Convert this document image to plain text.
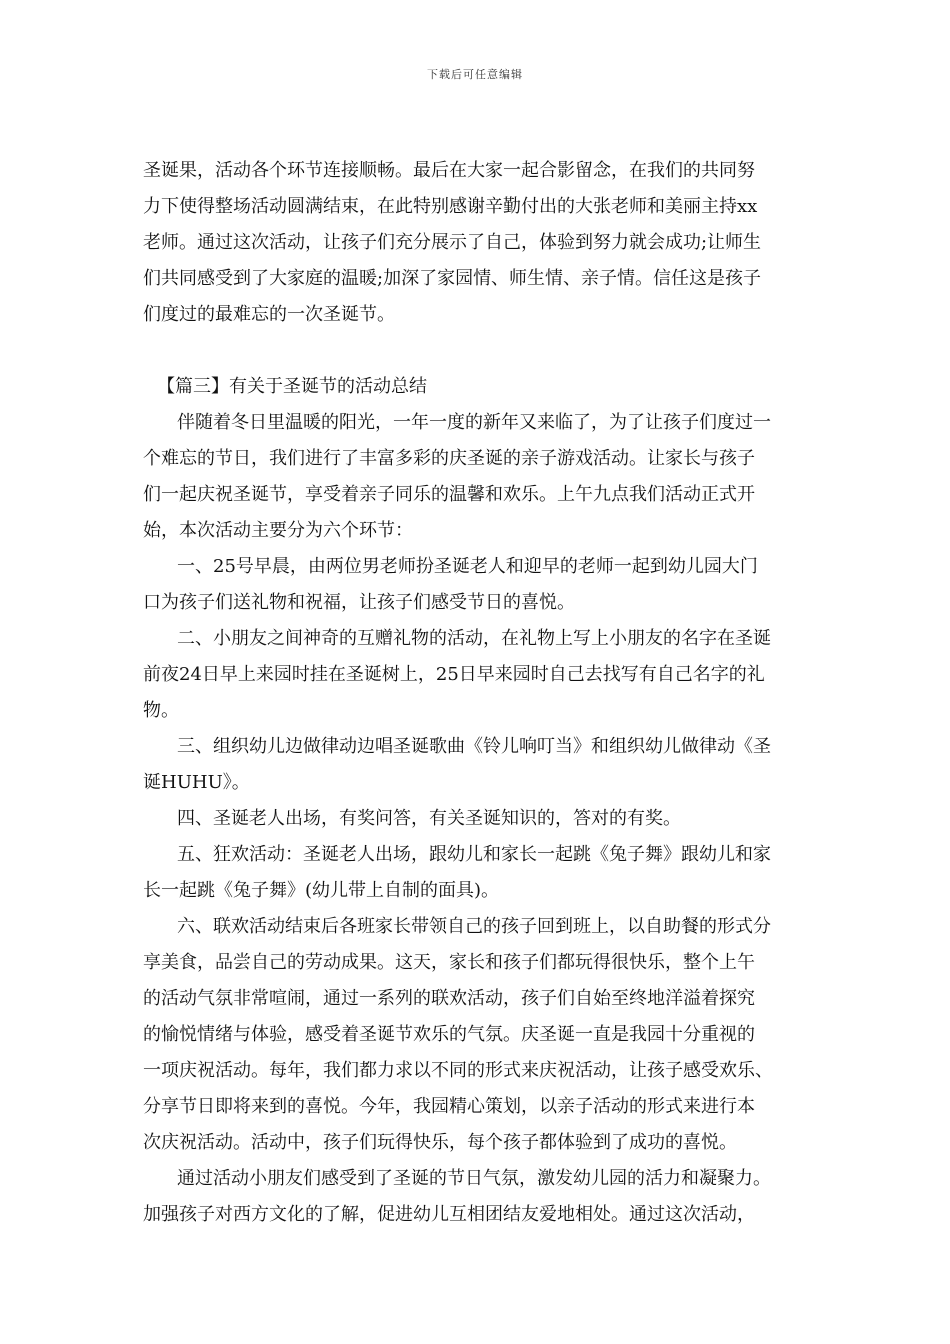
下载后可任意编辑
圣诞果，活动各个环节连接顺畅。最后在大家一起合影留念，在我们的共同努
力下使得整场活动圆满结束，在此特别感谢辛勤付出的大张老师和美丽主持xx
老师。通过这次活动，让孩子们充分展示了自己，体验到努力就会成功;让师生
们共同感受到了大家庭的温暖;加深了家园情、师生情、亲子情。信任这是孩子
们度过的最难忘的一次圣诞节。
【篇三】有关于圣诞节的活动总结
伴随着冬日里温暖的阳光，一年一度的新年又来临了，为了让孩子们度过一
个难忘的节日，我们进行了丰富多彩的庆圣诞的亲子游戏活动。让家长与孩子
们一起庆祝圣诞节，享受着亲子同乐的温馨和欢乐。上午九点我们活动正式开
始，本次活动主要分为六个环节：
一、25号早晨，由两位男老师扮圣诞老人和迎早的老师一起到幼儿园大门
口为孩子们送礼物和祝福，让孩子们感受节日的喜悦。
二、小朋友之间神奇的互赠礼物的活动，在礼物上写上小朋友的名字在圣诞
前夜24日早上来园时挂在圣诞树上，25日早来园时自己去找写有自己名字的礼
物。
三、组织幼儿边做律动边唱圣诞歌曲《铃儿响叮当》和组织幼儿做律动《圣
诞HUHU》。
四、圣诞老人出场，有奖问答，有关圣诞知识的，答对的有奖。
五、狂欢活动：圣诞老人出场，跟幼儿和家长一起跳《兔子舞》跟幼儿和家
长一起跳《兔子舞》(幼儿带上自制的面具)。
六、联欢活动结束后各班家长带领自己的孩子回到班上，以自助餐的形式分
享美食，品尝自己的劳动成果。这天，家长和孩子们都玩得很快乐，整个上午
的活动气氛非常喧闹，通过一系列的联欢活动，孩子们自始至终地洋溢着探究
的愉悦情绪与体验，感受着圣诞节欢乐的气氛。庆圣诞一直是我园十分重视的
一项庆祝活动。每年，我们都力求以不同的形式来庆祝活动，让孩子感受欢乐、
分享节日即将来到的喜悦。今年，我园精心策划，以亲子活动的形式来进行本
次庆祝活动。活动中，孩子们玩得快乐，每个孩子都体验到了成功的喜悦。
通过活动小朋友们感受到了圣诞的节日气氛，激发幼儿园的活力和凝聚力。
加强孩子对西方文化的了解，促进幼儿互相团结友爱地相处。通过这次活动，
